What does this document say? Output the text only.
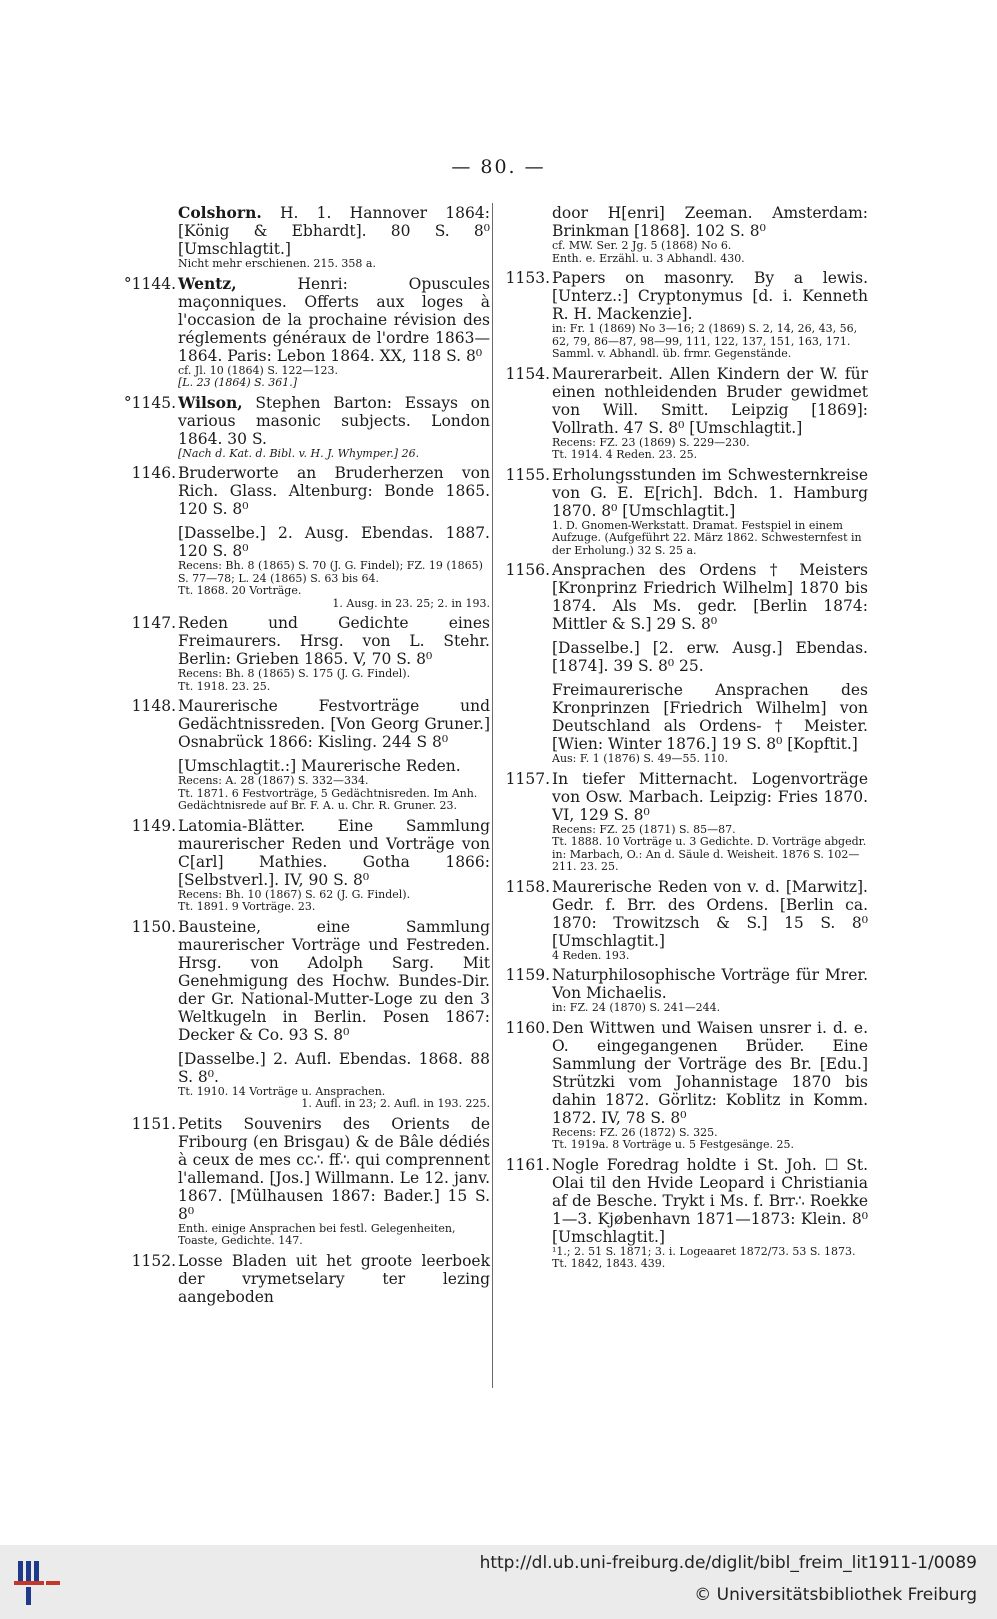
— 80. —

Colshorn. H. 1. Hannover 1864: [König & Ebhardt]. 80 S. 8⁰ [Umschlagtit.]

Nicht mehr erschienen. 215. 358 a.

°1144. Wentz, Henri: Opuscules maçonniques. Offerts aux loges à l'occasion de la prochaine révision des réglements généraux de l'ordre 1863—1864. Paris: Lebon 1864. XX, 118 S. 8⁰

cf. Jl. 10 (1864) S. 122—123.

[L. 23 (1864) S. 361.]

°1145. Wilson, Stephen Barton: Essays on various masonic subjects. London 1864. 30 S.

[Nach d. Kat. d. Bibl. v. H. J. Whymper.] 26.

1146. Bruderworte an Bruderherzen von Rich. Glass. Altenburg: Bonde 1865. 120 S. 8⁰

[Dasselbe.] 2. Ausg. Ebendas. 1887. 120 S. 8⁰

Recens: Bh. 8 (1865) S. 70 (J. G. Findel); FZ. 19 (1865) S. 77—78; L. 24 (1865) S. 63 bis 64.

Tt. 1868. 20 Vorträge.

1. Ausg. in 23. 25; 2. in 193.

1147. Reden und Gedichte eines Freimaurers. Hrsg. von L. Stehr. Berlin: Grieben 1865. V, 70 S. 8⁰

Recens: Bh. 8 (1865) S. 175 (J. G. Findel).

Tt. 1918. 23. 25.

1148. Maurerische Festvorträge und Gedächtnissreden. [Von Georg Gruner.] Osnabrück 1866: Kisling. 244 S 8⁰

[Umschlagtit.:] Maurerische Reden.

Recens: A. 28 (1867) S. 332—334.

Tt. 1871. 6 Festvorträge, 5 Gedächtnisreden. Im Anh. Gedächtnisrede auf Br. F. A. u. Chr. R. Gruner. 23.

1149. Latomia-Blätter. Eine Sammlung maurerischer Reden und Vorträge von C[arl] Mathies. Gotha 1866: [Selbstverl.]. IV, 90 S. 8⁰

Recens: Bh. 10 (1867) S. 62 (J. G. Findel).

Tt. 1891. 9 Vorträge. 23.

1150. Bausteine, eine Sammlung maurerischer Vorträge und Festreden. Hrsg. von Adolph Sarg. Mit Genehmigung des Hochw. Bundes-Dir. der Gr. National-Mutter-Loge zu den 3 Weltkugeln in Berlin. Posen 1867: Decker & Co. 93 S. 8⁰

[Dasselbe.] 2. Aufl. Ebendas. 1868. 88 S. 8⁰.

Tt. 1910. 14 Vorträge u. Ansprachen.

1. Aufl. in 23; 2. Aufl. in 193. 225.

1151. Petits Souvenirs des Orients de Fribourg (en Brisgau) & de Bâle dédiés à ceux de mes cc∴ ff∴ qui comprennent l'allemand. [Jos.] Willmann. Le 12. janv. 1867. [Mülhausen 1867: Bader.] 15 S. 8⁰

Enth. einige Ansprachen bei festl. Gelegenheiten, Toaste, Gedichte. 147.

1152. Losse Bladen uit het groote leerboek der vrymetselary ter lezing aangeboden

door H[enri] Zeeman. Amsterdam: Brinkman [1868]. 102 S. 8⁰

cf. MW. Ser. 2 Jg. 5 (1868) No 6.

Enth. e. Erzähl. u. 3 Abhandl. 430.

1153. Papers on masonry. By a lewis. [Unterz.:] Cryptonymus [d. i. Kenneth R. H. Mackenzie].

in: Fr. 1 (1869) No 3—16; 2 (1869) S. 2, 14, 26, 43, 56, 62, 79, 86—87, 98—99, 111, 122, 137, 151, 163, 171.

Samml. v. Abhandl. üb. frmr. Gegenstände.

1154. Maurerarbeit. Allen Kindern der W. für einen nothleidenden Bruder gewidmet von Will. Smitt. Leipzig [1869]: Vollrath. 47 S. 8⁰ [Umschlagtit.]

Recens: FZ. 23 (1869) S. 229—230.

Tt. 1914. 4 Reden. 23. 25.

1155. Erholungsstunden im Schwesternkreise von G. E. E[rich]. Bdch. 1. Hamburg 1870. 8⁰ [Umschlagtit.]

1. D. Gnomen-Werkstatt. Dramat. Festspiel in einem Aufzuge. (Aufgeführt 22. März 1862. Schwesternfest in der Erholung.) 32 S. 25 a.

1156. Ansprachen des Ordens † Meisters [Kronprinz Friedrich Wilhelm] 1870 bis 1874. Als Ms. gedr. [Berlin 1874: Mittler & S.] 29 S. 8⁰

[Dasselbe.] [2. erw. Ausg.] Ebendas. [1874]. 39 S. 8⁰ 25.

Freimaurerische Ansprachen des Kronprinzen [Friedrich Wilhelm] von Deutschland als Ordens- † Meister. [Wien: Winter 1876.] 19 S. 8⁰ [Kopftit.]

Aus: F. 1 (1876) S. 49—55. 110.

1157. In tiefer Mitternacht. Logenvorträge von Osw. Marbach. Leipzig: Fries 1870. VI, 129 S. 8⁰

Recens: FZ. 25 (1871) S. 85—87.

Tt. 1888. 10 Vorträge u. 3 Gedichte. D. Vorträge abgedr. in: Marbach, O.: An d. Säule d. Weisheit. 1876 S. 102—211. 23. 25.

1158. Maurerische Reden von v. d. [Marwitz]. Gedr. f. Brr. des Ordens. [Berlin ca. 1870: Trowitzsch & S.] 15 S. 8⁰ [Umschlagtit.]

4 Reden. 193.

1159. Naturphilosophische Vorträge für Mrer. Von Michaelis.

in: FZ. 24 (1870) S. 241—244.

1160. Den Wittwen und Waisen unsrer i. d. e. O. eingegangenen Brüder. Eine Sammlung der Vorträge des Br. [Edu.] Strützki vom Johannistage 1870 bis dahin 1872. Görlitz: Koblitz in Komm. 1872. IV, 78 S. 8⁰

Recens: FZ. 26 (1872) S. 325.

Tt. 1919a. 8 Vorträge u. 5 Festgesänge. 25.

1161. Nogle Foredrag holdte i St. Joh. ☐ St. Olai til den Hvide Leopard i Christiania af de Besche. Trykt i Ms. f. Brr∴ Roekke 1—3. Kjøbenhavn 1871—1873: Klein. 8⁰ [Umschlagtit.]

¹1.; 2. 51 S. 1871; 3. i. Logeaaret 1872/73. 53 S. 1873.

Tt. 1842, 1843. 439.

http://dl.ub.uni-freiburg.de/diglit/bibl_freim_lit1911-1/0089
© Universitätsbibliothek Freiburg
